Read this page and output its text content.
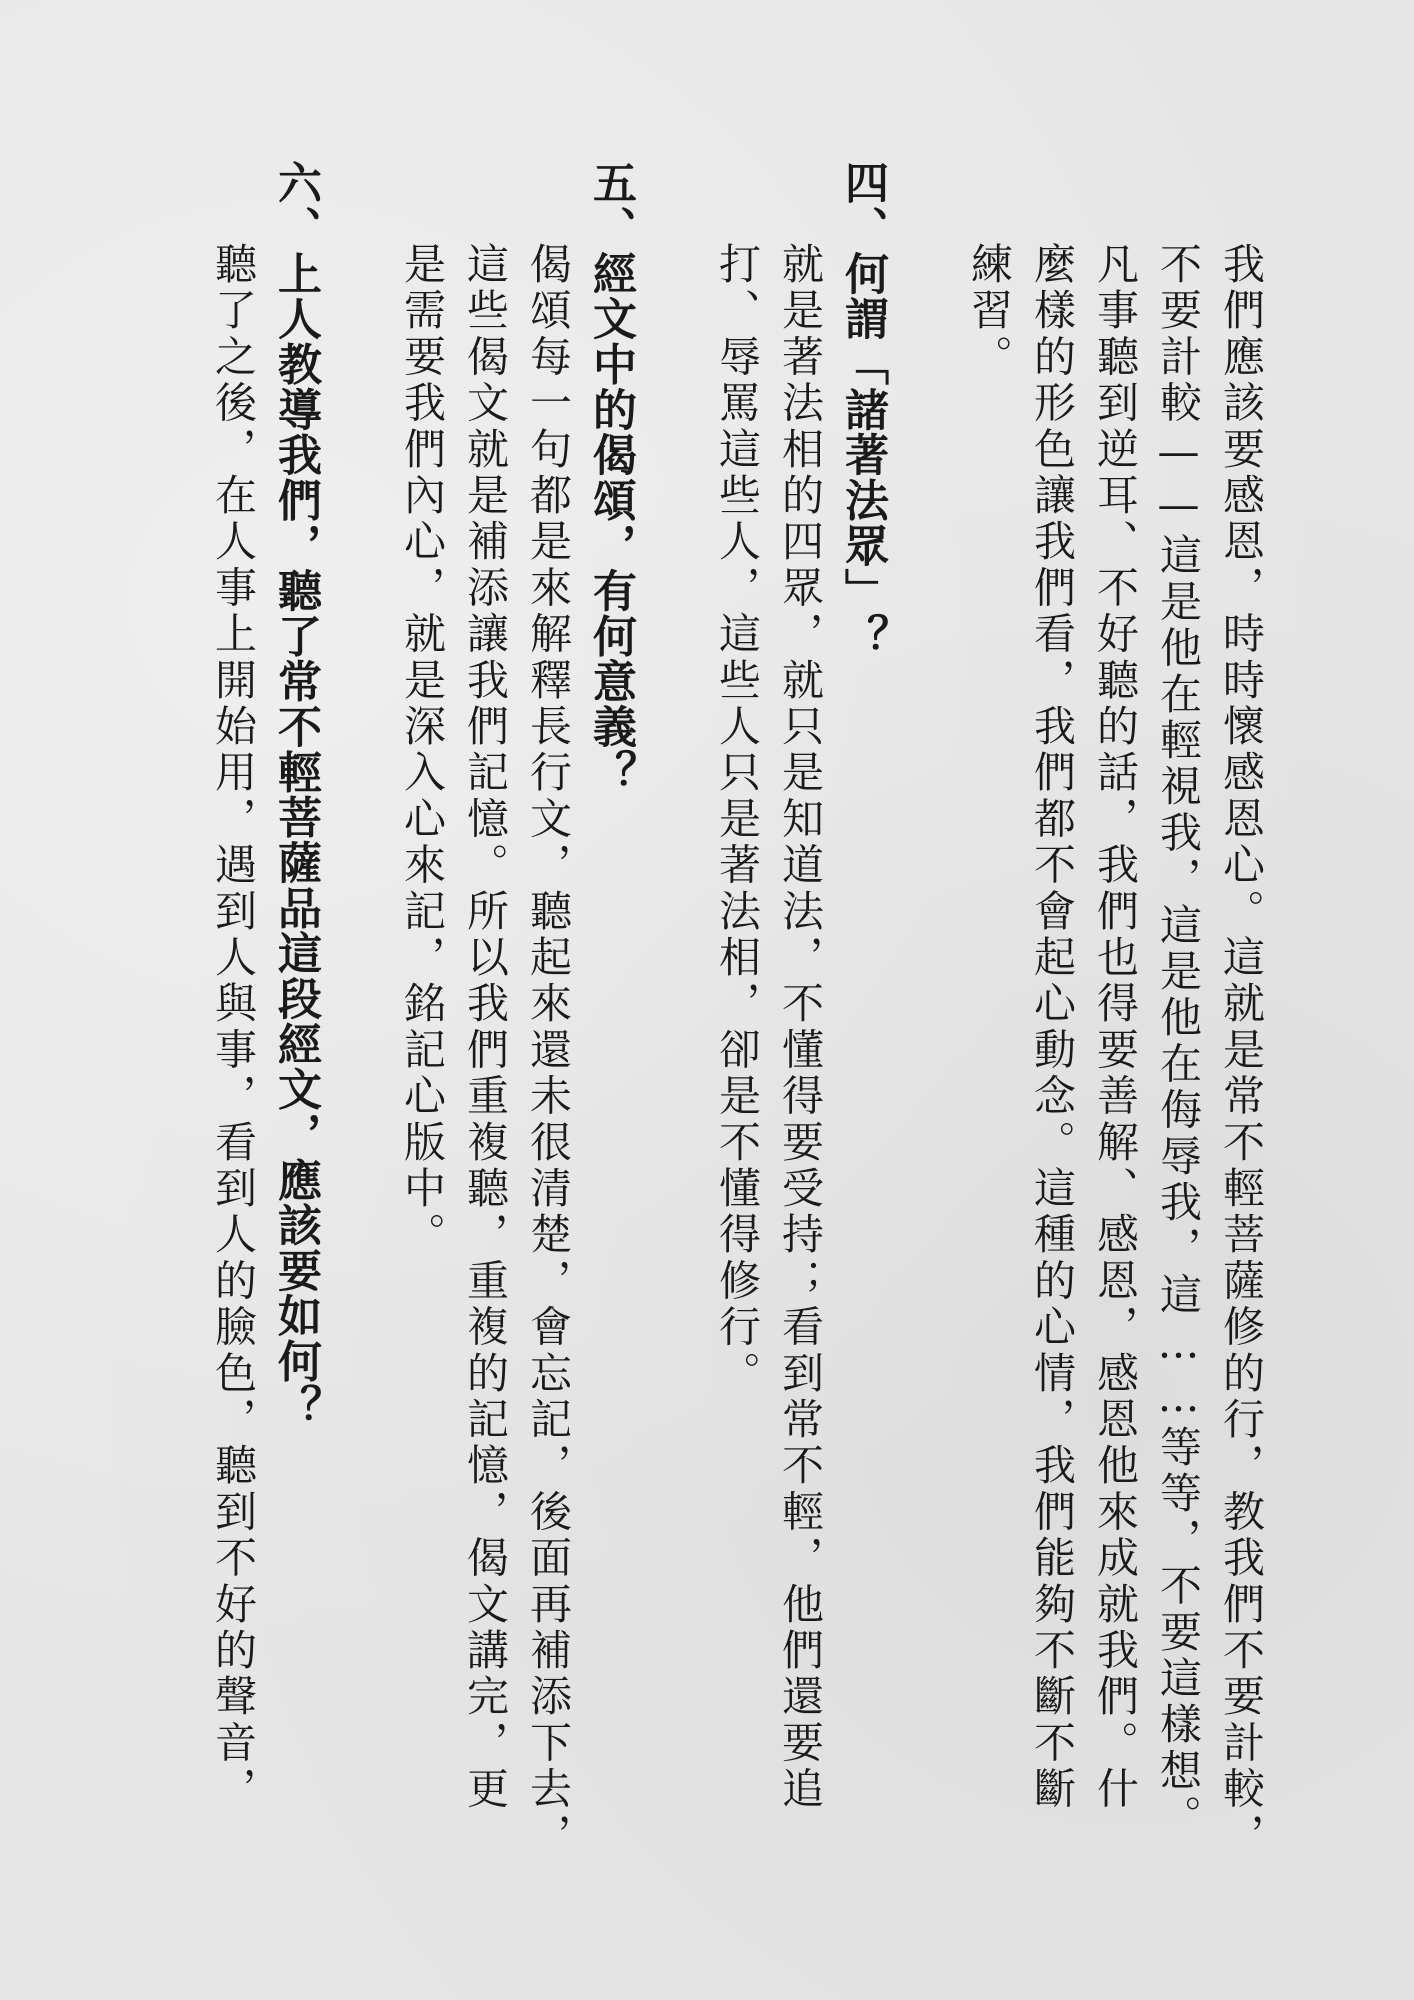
我們應該要感恩，時時懷感恩心。這就是常不輕菩薩修的行，教我們不要計較，
不要計較——這是他在輕視我，這是他在侮辱我，這……等等，不要這樣想。
凡事聽到逆耳、不好聽的話，我們也得要善解、感恩，感恩他來成就我們。什
麼樣的形色讓我們看，我們都不會起心動念。這種的心情，我們能夠不斷不斷
練習。
四、何謂「諸著法眾」？
就是著法相的四眾，就只是知道法，不懂得要受持；看到常不輕，他們還要追
打、辱罵這些人，這些人只是著法相，卻是不懂得修行。
五、經文中的偈頌，有何意義？
偈頌每一句都是來解釋長行文，聽起來還未很清楚，會忘記，後面再補添下去，
這些偈文就是補添讓我們記憶。所以我們重複聽，重複的記憶，偈文講完，更
是需要我們內心，就是深入心來記，銘記心版中。
六、上人教導我們，聽了常不輕菩薩品這段經文，應該要如何？
聽了之後，在人事上開始用，遇到人與事，看到人的臉色，聽到不好的聲音，
